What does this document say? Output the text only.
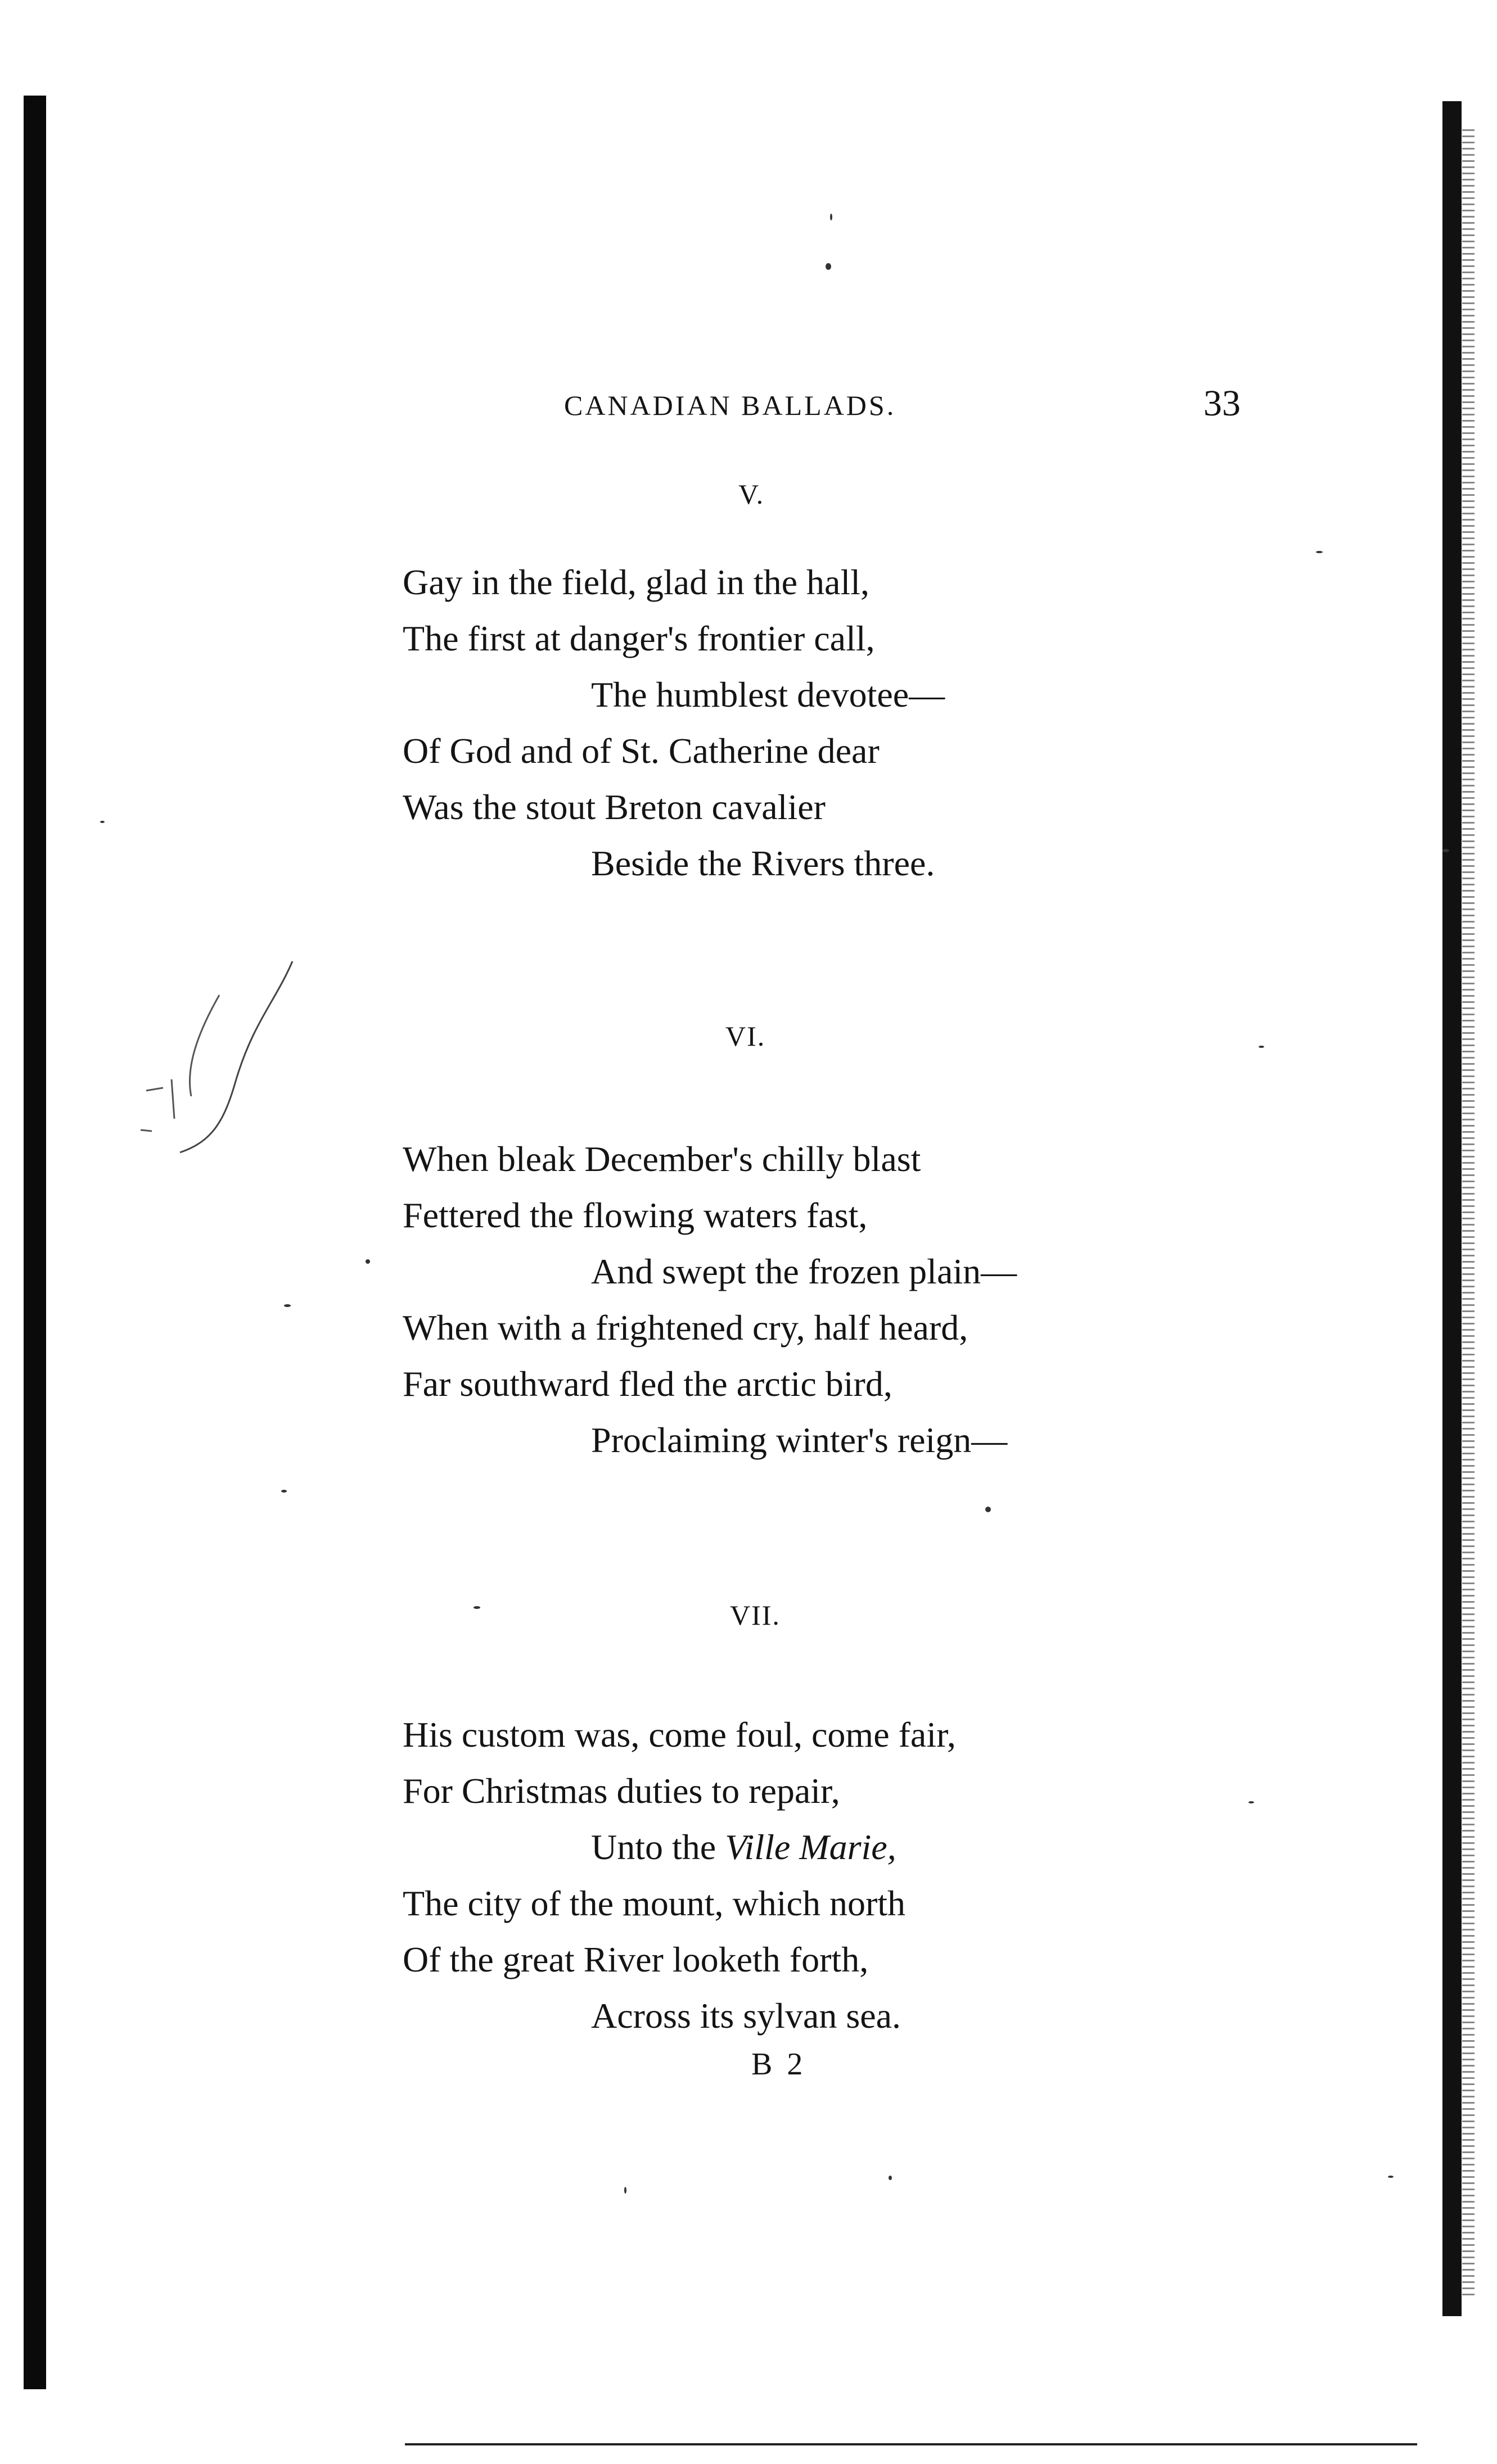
CANADIAN BALLADS.	33
V.
Gay in the field, glad in the hall,
The first at danger's frontier call,
The humblest devotee—
Of God and of St. Catherine dear
Was the stout Breton cavalier
Beside the Rivers three.
VI.
When bleak December's chilly blast
Fettered the flowing waters fast,
And swept the frozen plain—
When with a frightened cry, half heard,
Far southward fled the arctic bird,
Proclaiming winter's reign—
VII.
His custom was, come foul, come fair,
For Christmas duties to repair,
Unto the Ville Marie,
The city of the mount, which north
Of the great River looketh forth,
Across its sylvan sea.
B 2
